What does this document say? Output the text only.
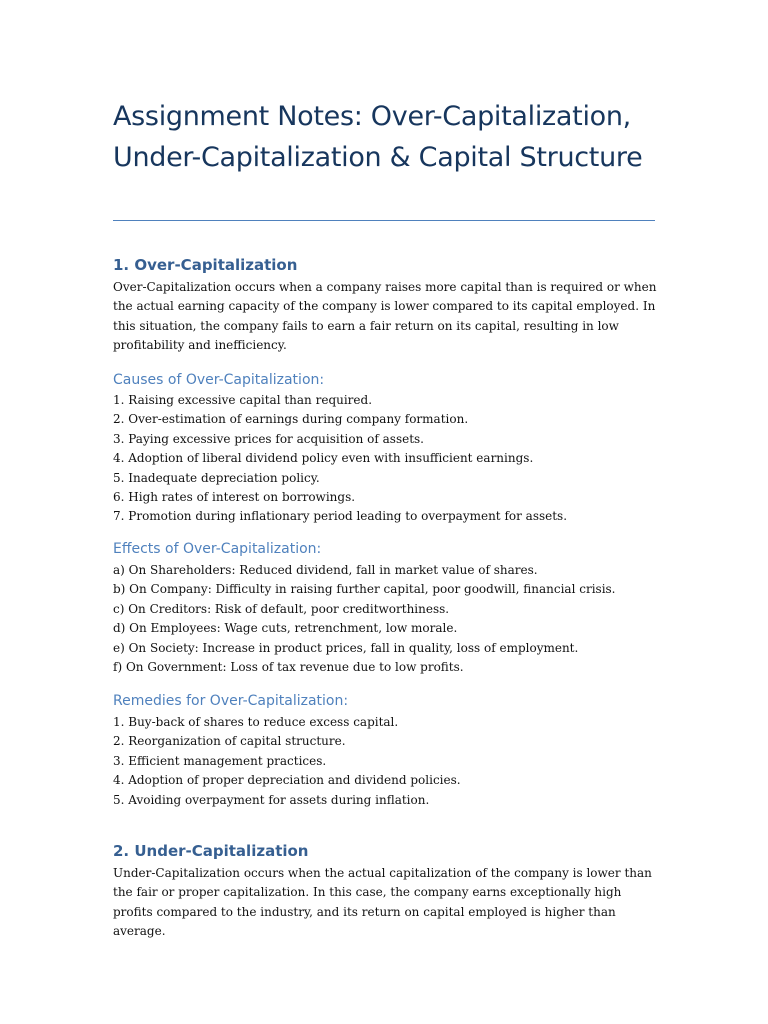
Assignment Notes: Over-Capitalization, Under-Capitalization & Capital Structure
1. Over-Capitalization

Over-Capitalization occurs when a company raises more capital than is required or when the actual earning capacity of the company is lower compared to its capital employed. In this situation, the company fails to earn a fair return on its capital, resulting in low profitability and inefficiency.

Causes of Over-Capitalization:
1. Raising excessive capital than required.
2. Over-estimation of earnings during company formation.
3. Paying excessive prices for acquisition of assets.
4. Adoption of liberal dividend policy even with insufficient earnings.
5. Inadequate depreciation policy.
6. High rates of interest on borrowings.
7. Promotion during inflationary period leading to overpayment for assets.
Effects of Over-Capitalization:
a) On Shareholders: Reduced dividend, fall in market value of shares.
b) On Company: Difficulty in raising further capital, poor goodwill, financial crisis.
c) On Creditors: Risk of default, poor creditworthiness.
d) On Employees: Wage cuts, retrenchment, low morale.
e) On Society: Increase in product prices, fall in quality, loss of employment.
f) On Government: Loss of tax revenue due to low profits.
Remedies for Over-Capitalization:
1. Buy-back of shares to reduce excess capital.
2. Reorganization of capital structure.
3. Efficient management practices.
4. Adoption of proper depreciation and dividend policies.
5. Avoiding overpayment for assets during inflation.
2. Under-Capitalization

Under-Capitalization occurs when the actual capitalization of the company is lower than the fair or proper capitalization. In this case, the company earns exceptionally high profits compared to the industry, and its return on capital employed is higher than average.
